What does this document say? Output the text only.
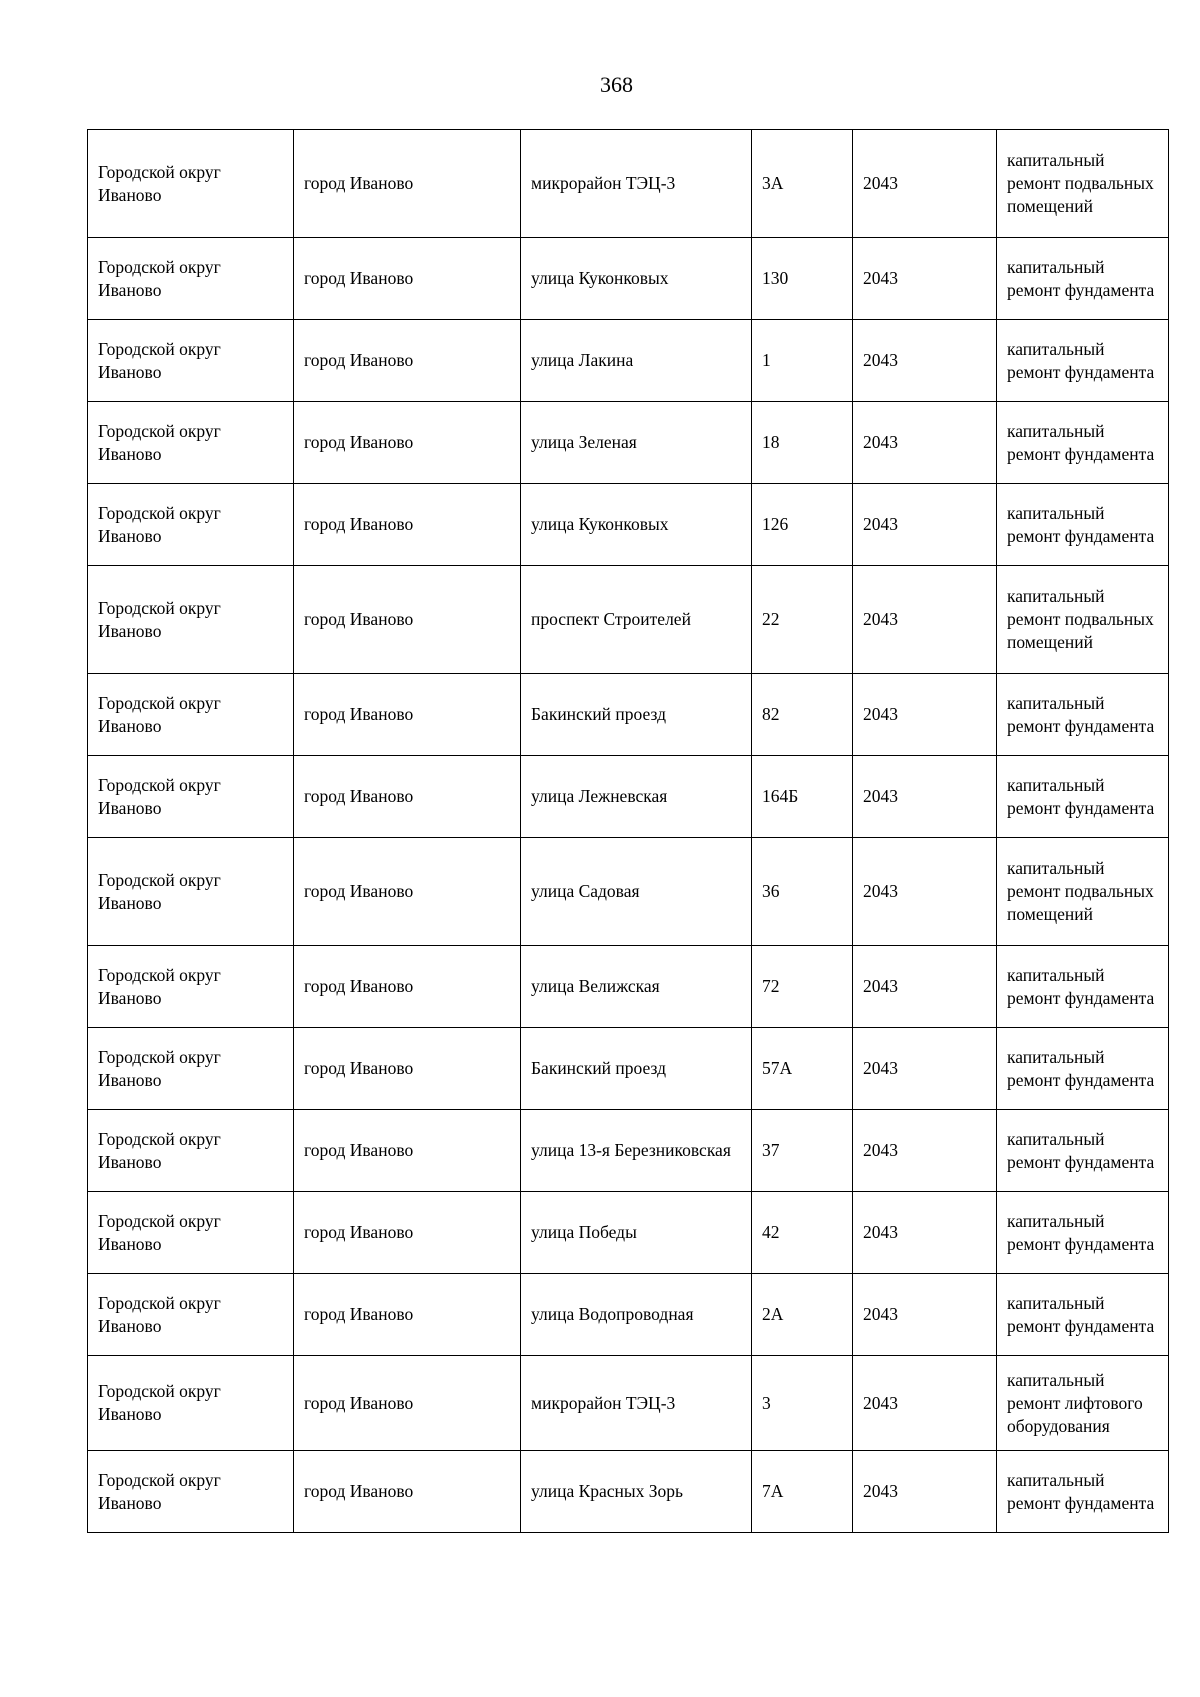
368
Городской округ Иваново	город Иваново	микрорайон ТЭЦ-3	3А	2043	капитальный ремонт подвальных помещений
Городской округ Иваново	город Иваново	улица Куконковых	130	2043	капитальный ремонт фундамента
Городской округ Иваново	город Иваново	улица Лакина	1	2043	капитальный ремонт фундамента
Городской округ Иваново	город Иваново	улица Зеленая	18	2043	капитальный ремонт фундамента
Городской округ Иваново	город Иваново	улица Куконковых	126	2043	капитальный ремонт фундамента
Городской округ Иваново	город Иваново	проспект Строителей	22	2043	капитальный ремонт подвальных помещений
Городской округ Иваново	город Иваново	Бакинский проезд	82	2043	капитальный ремонт фундамента
Городской округ Иваново	город Иваново	улица Лежневская	164Б	2043	капитальный ремонт фундамента
Городской округ Иваново	город Иваново	улица Садовая	36	2043	капитальный ремонт подвальных помещений
Городской округ Иваново	город Иваново	улица Велижская	72	2043	капитальный ремонт фундамента
Городской округ Иваново	город Иваново	Бакинский проезд	57А	2043	капитальный ремонт фундамента
Городской округ Иваново	город Иваново	улица 13-я Березниковская	37	2043	капитальный ремонт фундамента
Городской округ Иваново	город Иваново	улица Победы	42	2043	капитальный ремонт фундамента
Городской округ Иваново	город Иваново	улица Водопроводная	2А	2043	капитальный ремонт фундамента
Городской округ Иваново	город Иваново	микрорайон ТЭЦ-3	3	2043	капитальный ремонт лифтового оборудования
Городской округ Иваново	город Иваново	улица Красных Зорь	7А	2043	капитальный ремонт фундамента
